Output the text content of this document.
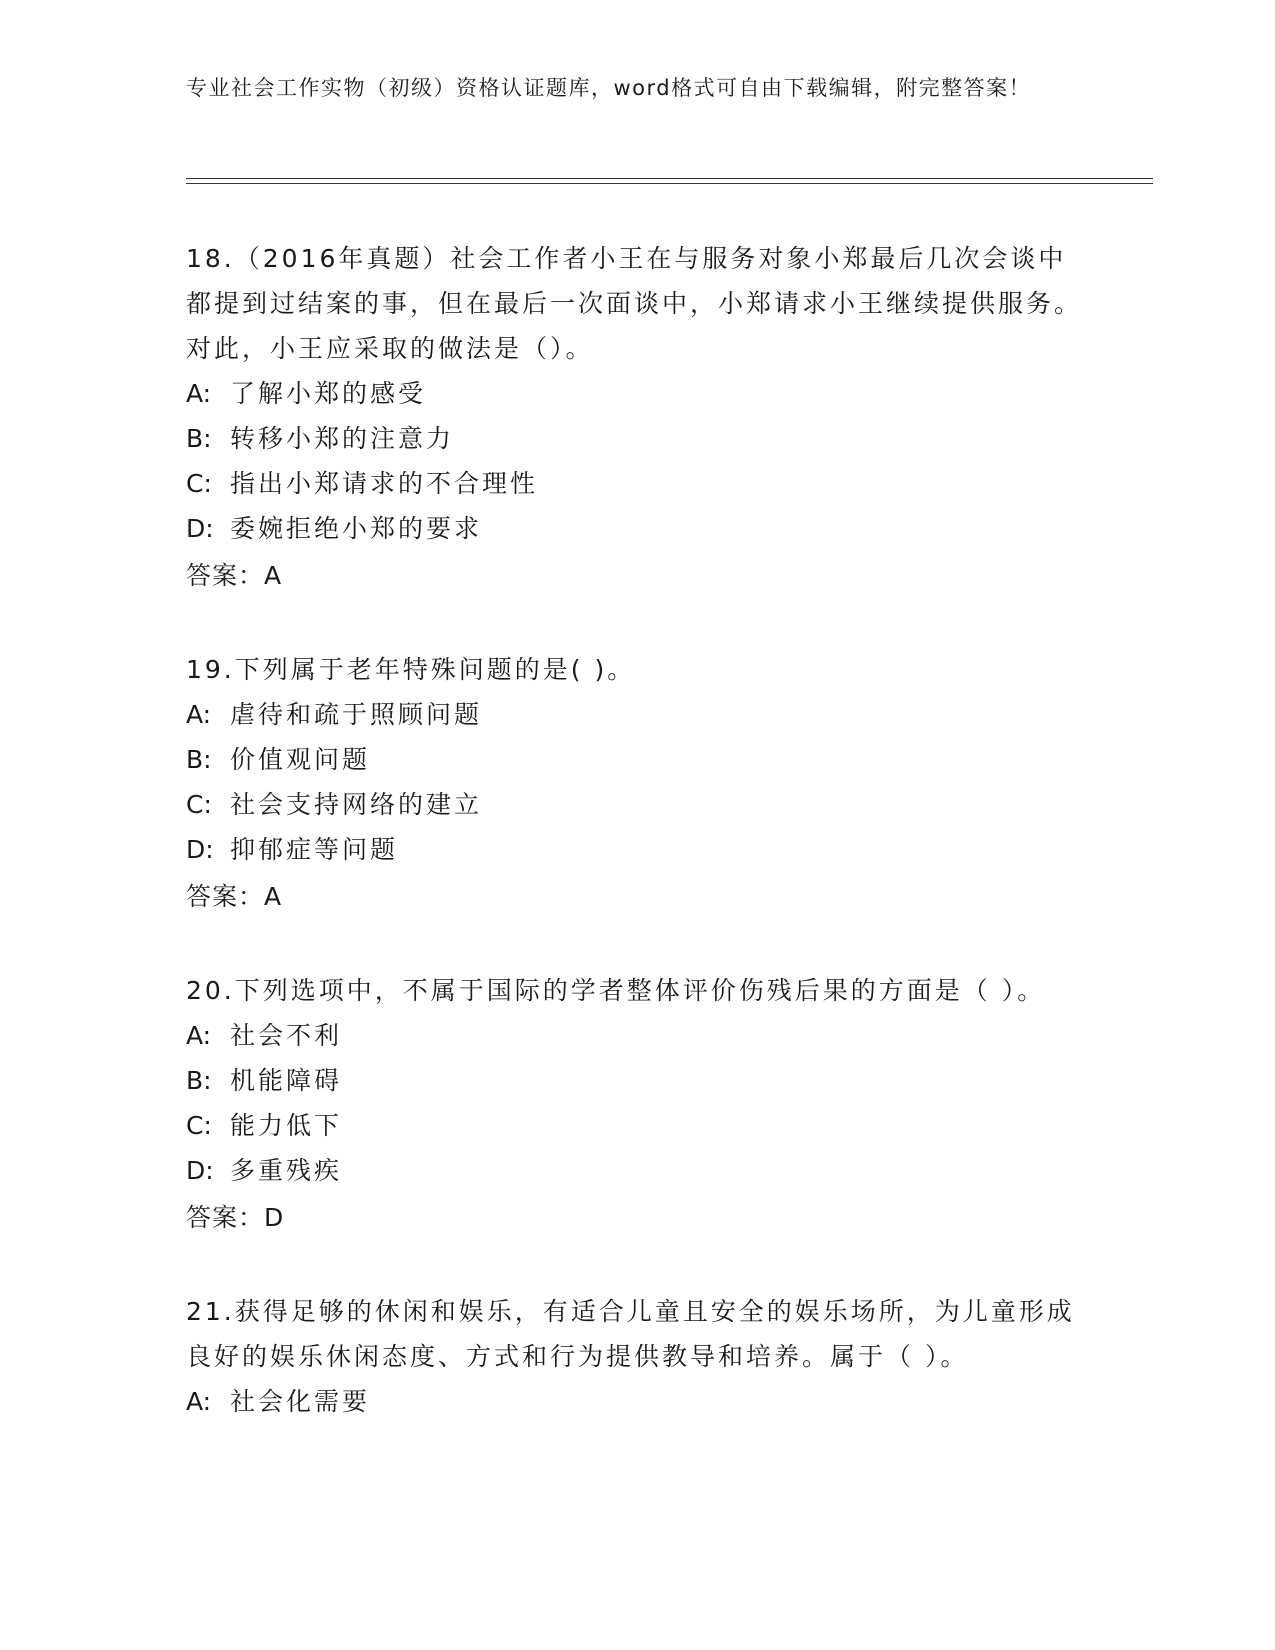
专业社会工作实物（初级）资格认证题库，word格式可自由下载编辑，附完整答案！
18.（2016年真题）社会工作者小王在与服务对象小郑最后几次会谈中都提到过结案的事，但在最后一次面谈中，小郑请求小王继续提供服务。对此，小王应采取的做法是（）。
A: 了解小郑的感受
B: 转移小郑的注意力
C: 指出小郑请求的不合理性
D: 委婉拒绝小郑的要求
答案：A
19.下列属于老年特殊问题的是( )。
A: 虐待和疏于照顾问题
B: 价值观问题
C: 社会支持网络的建立
D: 抑郁症等问题
答案：A
20.下列选项中，不属于国际的学者整体评价伤残后果的方面是（ ）。
A: 社会不利
B: 机能障碍
C: 能力低下
D: 多重残疾
答案：D
21.获得足够的休闲和娱乐，有适合儿童且安全的娱乐场所，为儿童形成良好的娱乐休闲态度、方式和行为提供教导和培养。属于（ ）。
A: 社会化需要
